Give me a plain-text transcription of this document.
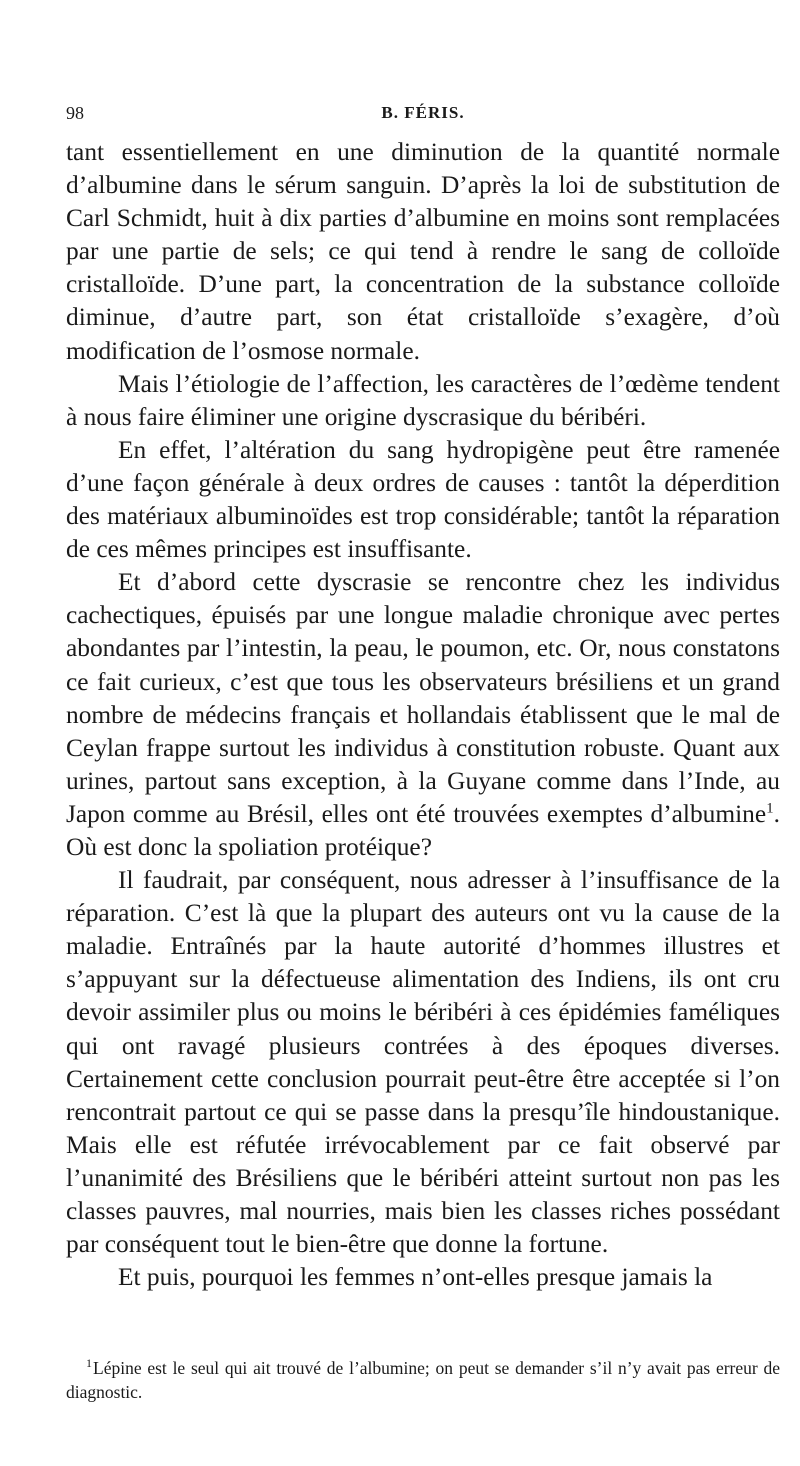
98	B. FÉRIS.

tant essentiellement en une diminution de la quantité normale d’albumine dans le sérum sanguin. D’après la loi de substitution de Carl Schmidt, huit à dix parties d’albumine en moins sont remplacées par une partie de sels; ce qui tend à rendre le sang de colloïde cristalloïde. D’une part, la concentration de la substance colloïde diminue, d’autre part, son état cristalloïde s’exagère, d’où modification de l’osmose normale.

Mais l’étiologie de l’affection, les caractères de l’œdème tendent à nous faire éliminer une origine dyscrasique du béribéri.

En effet, l’altération du sang hydropigène peut être ramenée d’une façon générale à deux ordres de causes : tantôt la déperdition des matériaux albuminoïdes est trop considérable; tantôt la réparation de ces mêmes principes est insuffisante.

Et d’abord cette dyscrasie se rencontre chez les individus cachectiques, épuisés par une longue maladie chronique avec pertes abondantes par l’intestin, la peau, le poumon, etc. Or, nous constatons ce fait curieux, c’est que tous les observateurs brésiliens et un grand nombre de médecins français et hollandais établissent que le mal de Ceylan frappe surtout les individus à constitution robuste. Quant aux urines, partout sans exception, à la Guyane comme dans l’Inde, au Japon comme au Brésil, elles ont été trouvées exemptes d’albumine$^1$. Où est donc la spoliation protéique?

Il faudrait, par conséquent, nous adresser à l’insuffisance de la réparation. C’est là que la plupart des auteurs ont vu la cause de la maladie. Entraînés par la haute autorité d’hommes illustres et s’appuyant sur la défectueuse alimentation des Indiens, ils ont cru devoir assimiler plus ou moins le béribéri à ces épidémies faméliques qui ont ravagé plusieurs contrées à des époques diverses. Certainement cette conclusion pourrait peut-être être acceptée si l’on rencontrait partout ce qui se passe dans la presqu’île hindoustanique. Mais elle est réfutée irrévocablement par ce fait observé par l’unanimité des Brésiliens que le béribéri atteint surtout non pas les classes pauvres, mal nourries, mais bien les classes riches possédant par conséquent tout le bien-être que donne la fortune.

Et puis, pourquoi les femmes n’ont-elles presque jamais la

$^1$Lépine est le seul qui ait trouvé de l’albumine; on peut se demander s’il n’y avait pas erreur de diagnostic.
